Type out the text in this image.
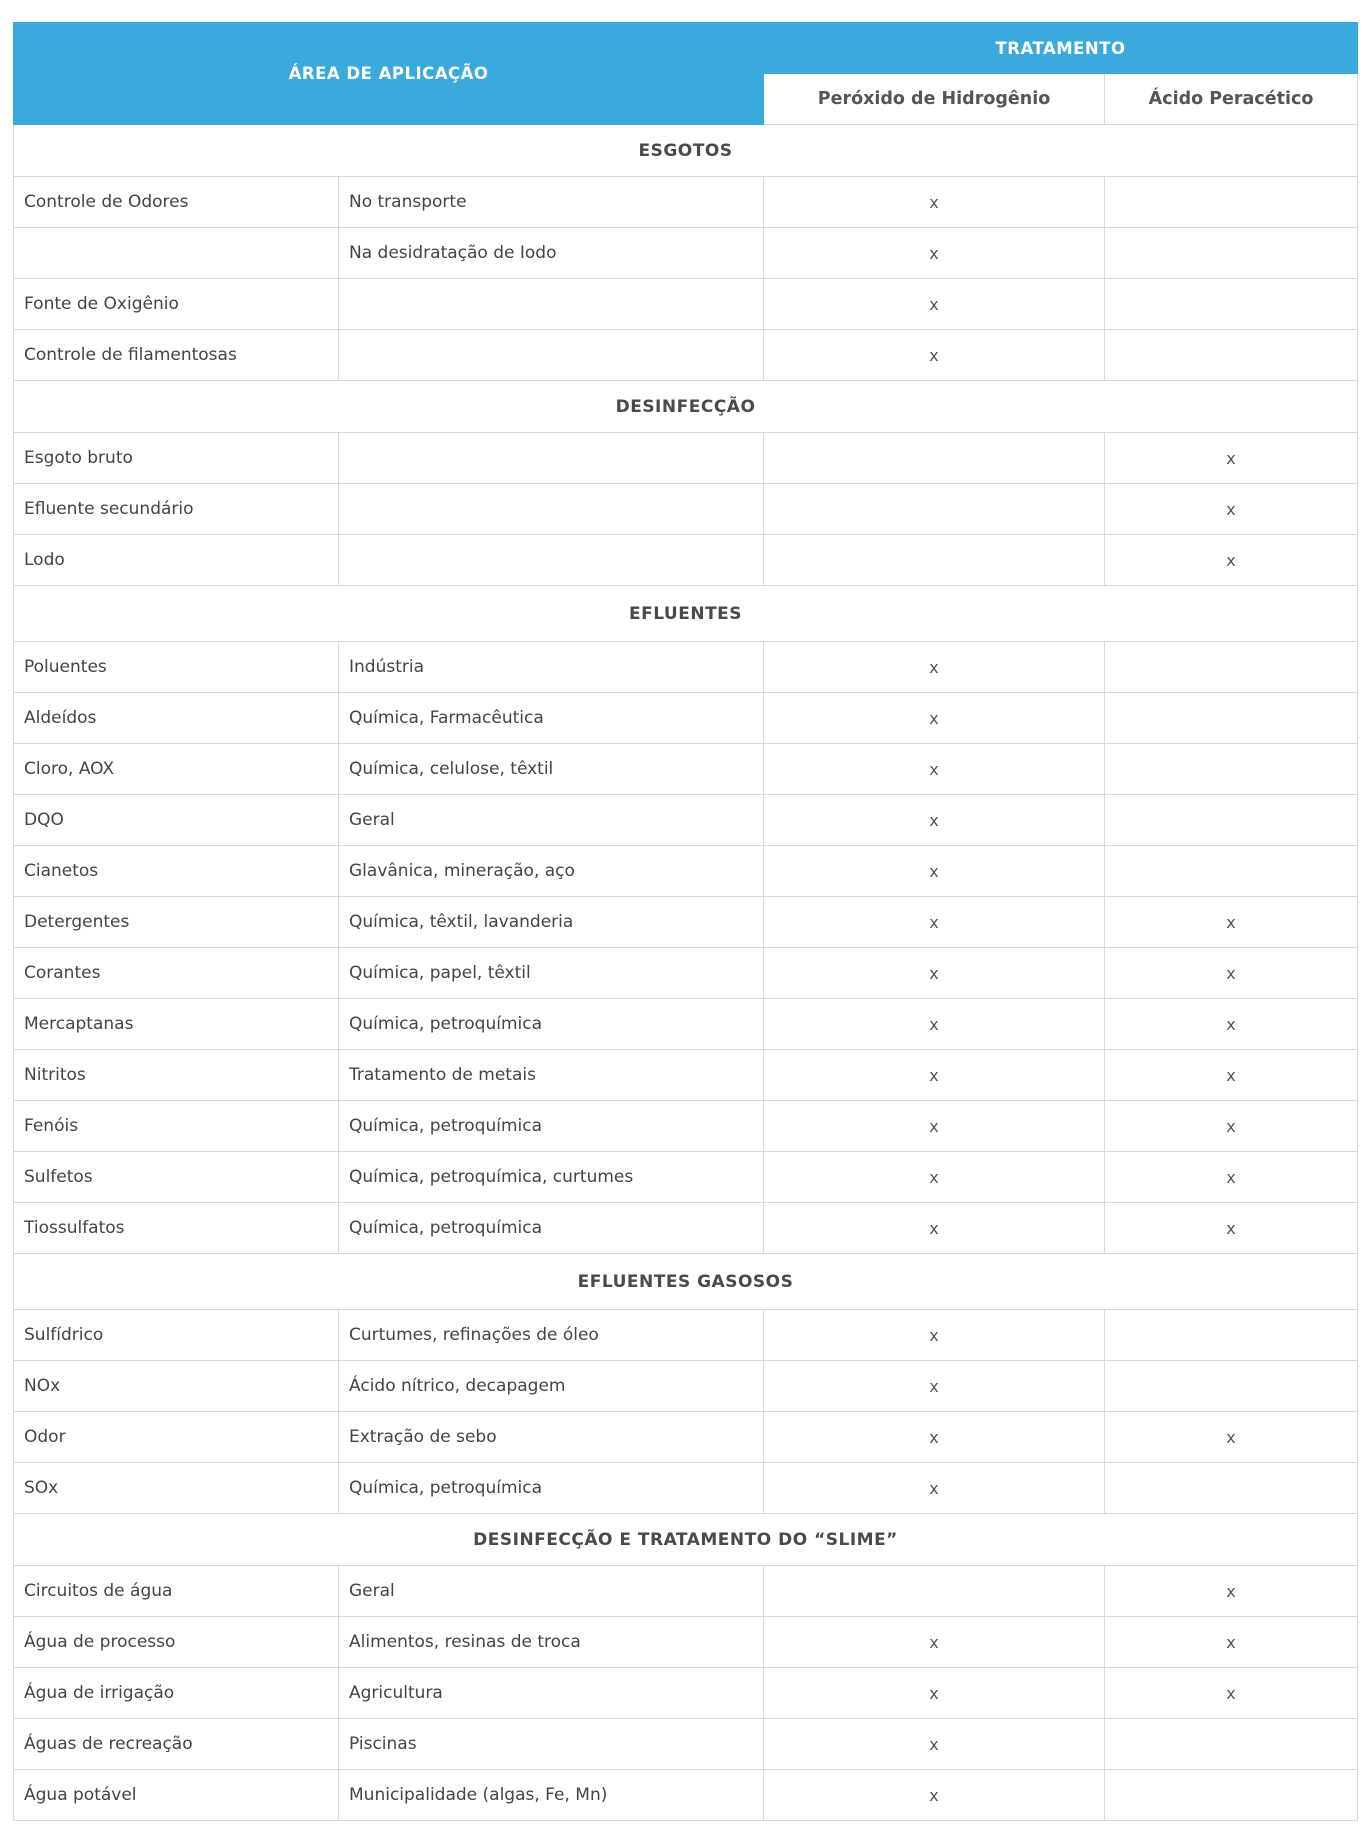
ÁREA DE APLICAÇÃO		TRATAMENTO	
		Peróxido de Hidrogênio	Ácido Peracético
ESGOTOS			
Controle de Odores	No transporte	x	
	Na desidratação de Iodo	x	
Fonte de Oxigênio		x	
Controle de filamentosas		x	
DESINFECÇÃO			
Esgoto bruto			x
Efluente secundário			x
Lodo			x
EFLUENTES			
Poluentes	Indústria	x	
Aldeídos	Química, Farmacêutica	x	
Cloro, AOX	Química, celulose, têxtil	x	
DQO	Geral	x	
Cianetos	Glavânica, mineração, aço	x	
Detergentes	Química, têxtil, lavanderia	x	x
Corantes	Química, papel, têxtil	x	x
Mercaptanas	Química, petroquímica	x	x
Nitritos	Tratamento de metais	x	x
Fenóis	Química, petroquímica	x	x
Sulfetos	Química, petroquímica, curtumes	x	x
Tiossulfatos	Química, petroquímica	x	x
EFLUENTES GASOSOS			
Sulfídrico	Curtumes, refinações de óleo	x	
NOx	Ácido nítrico, decapagem	x	
Odor	Extração de sebo	x	x
SOx	Química, petroquímica	x	
DESINFECÇÃO E TRATAMENTO DO “SLIME”			
Circuitos de água	Geral		x
Água de processo	Alimentos, resinas de troca	x	x
Água de irrigação	Agricultura	x	x
Águas de recreação	Piscinas	x	
Água potável	Municipalidade (algas, Fe, Mn)	x	
